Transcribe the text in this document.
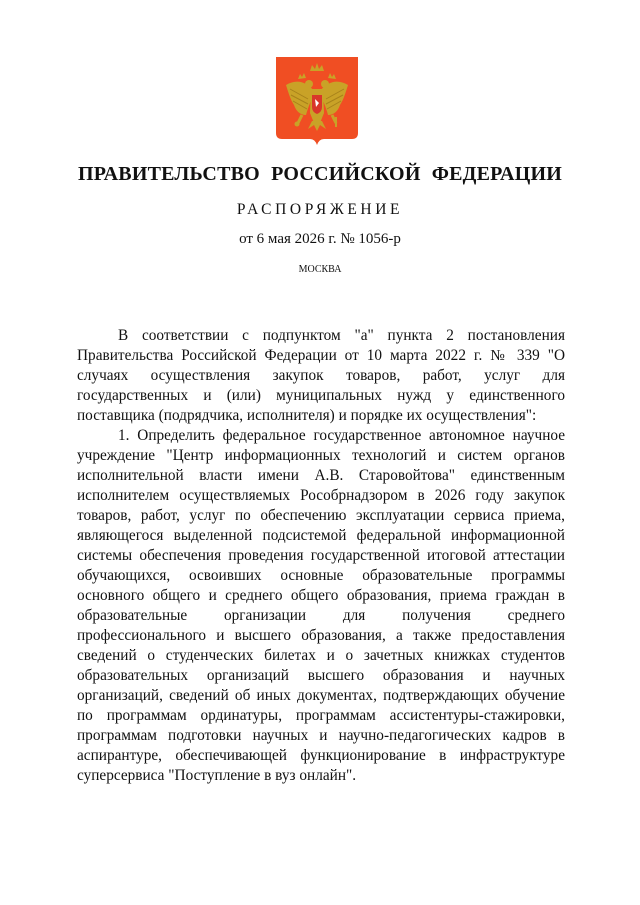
ПРАВИТЕЛЬСТВО РОССИЙСКОЙ ФЕДЕРАЦИИ
РАСПОРЯЖЕНИЕ
от 6 мая 2026 г. № 1056-р
МОСКВА

В соответствии с подпунктом "а" пункта 2 постановления Правительства Российской Федерации от 10 марта 2022 г. № 339 "О случаях осуществления закупок товаров, работ, услуг для государственных и (или) муниципальных нужд у единственного поставщика (подрядчика, исполнителя) и порядке их осуществления":

1. Определить федеральное государственное автономное научное учреждение "Центр информационных технологий и систем органов исполнительной власти имени А.В. Старовойтова" единственным исполнителем осуществляемых Рособрнадзором в 2026 году закупок товаров, работ, услуг по обеспечению эксплуатации сервиса приема, являющегося выделенной подсистемой федеральной информационной системы обеспечения проведения государственной итоговой аттестации обучающихся, освоивших основные образовательные программы основного общего и среднего общего образования, приема граждан в образовательные организации для получения среднего профессионального и высшего образования, а также предоставления сведений о студенческих билетах и о зачетных книжках студентов образовательных организаций высшего образования и научных организаций, сведений об иных документах, подтверждающих обучение по программам ординатуры, программам ассистентуры-стажировки, программам подготовки научных и научно-педагогических кадров в аспирантуре, обеспечивающей функционирование в инфраструктуре суперсервиса "Поступление в вуз онлайн".
